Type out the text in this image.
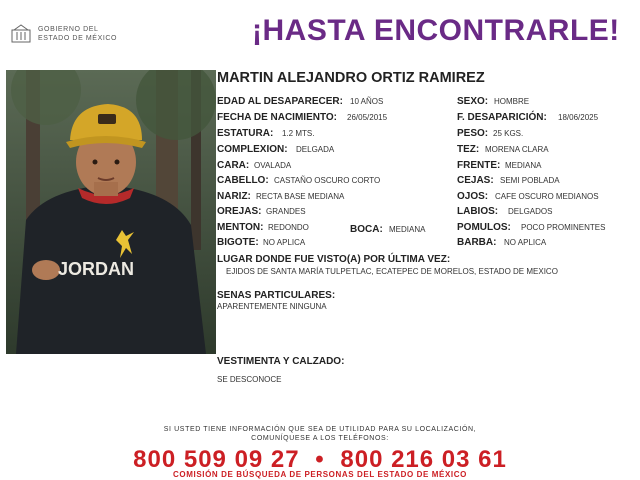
GOBIERNO DEL
ESTADO DE MÉXICO	¡HASTA ENCONTRARLE!
JORDAN
MARTIN ALEJANDRO ORTIZ RAMIREZ
EDAD AL DESAPARECER: 10 AÑOS
FECHA DE NACIMIENTO: 26/05/2015
ESTATURA: 1.2 MTS.
COMPLEXION: DELGADA
CARA: OVALADA
CABELLO: CASTAÑO OSCURO CORTO
NARIZ: RECTA BASE MEDIANA
OREJAS: GRANDES
MENTON: REDONDO	BOCA: MEDIANA
BIGOTE: NO APLICA
SEXO: HOMBRE
F. DESAPARICIÓN: 18/06/2025
PESO: 25 KGS.
TEZ: MORENA CLARA
FRENTE: MEDIANA
CEJAS: SEMI POBLADA
OJOS: CAFE OSCURO MEDIANOS
LABIOS: DELGADOS
POMULOS: POCO PROMINENTES
BARBA: NO APLICA
LUGAR DONDE FUE VISTO(A) POR ÚLTIMA VEZ:
EJIDOS DE SANTA MARÍA TULPETLAC, ECATEPEC DE MORELOS, ESTADO DE MEXICO
SENAS PARTICULARES:
APARENTEMENTE NINGUNA
VESTIMENTA Y CALZADO:
SE DESCONOCE
SI USTED TIENE INFORMACIÓN QUE SEA DE UTILIDAD PARA SU LOCALIZACIÓN,
COMUNÍQUESE A LOS TELÉFONOS:
800 509 09 27 • 800 216 03 61
COMISIÓN DE BÚSQUEDA DE PERSONAS DEL ESTADO DE MÉXICO
